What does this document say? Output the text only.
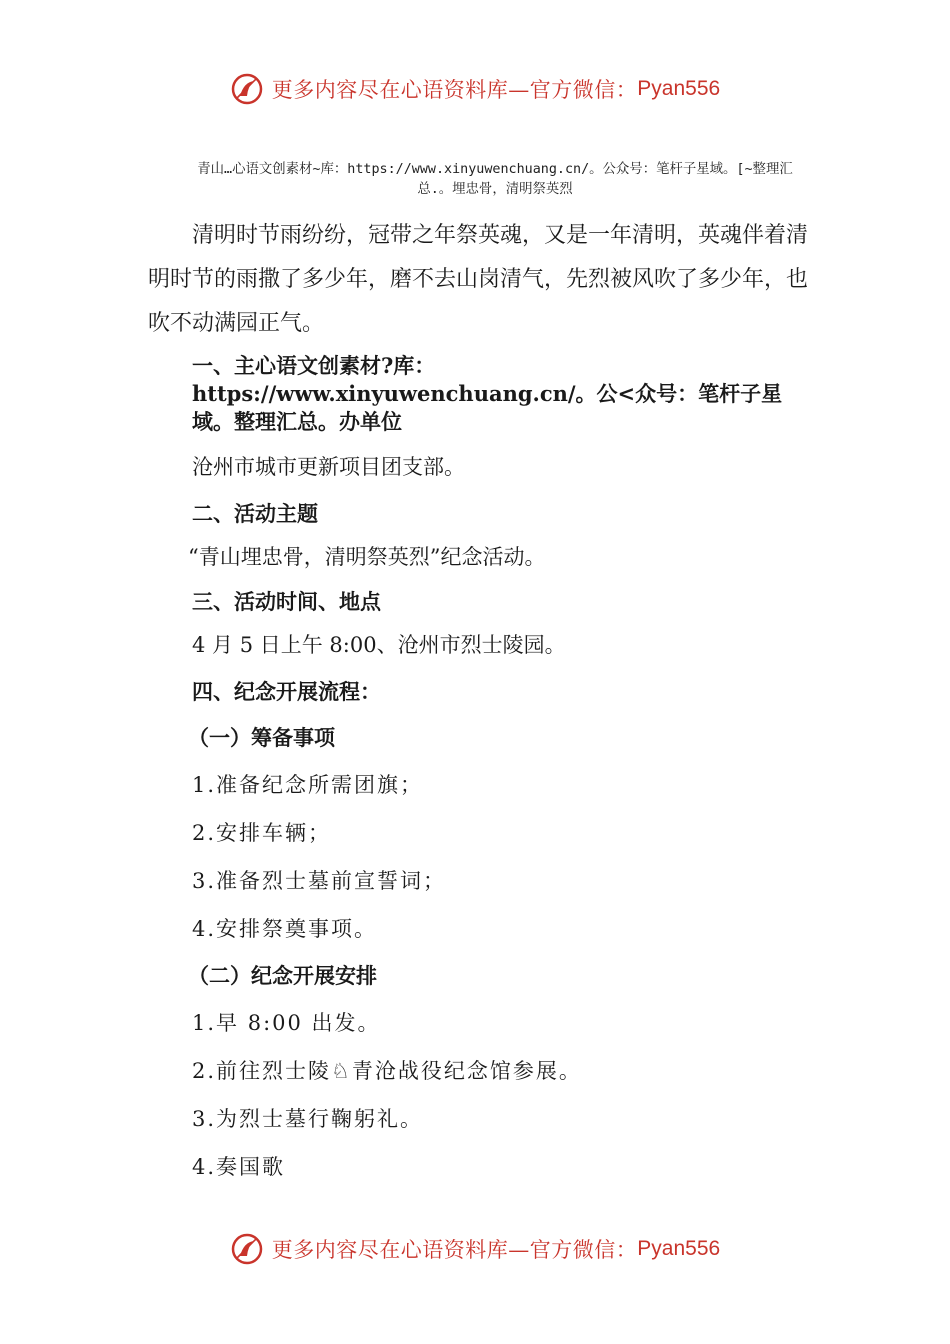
更多内容尽在心语资料库—官方微信： Pyan556
青山…心语文创素材~库：https://www.xinyuwenchuang.cn/。公众号：笔杆子星域。[~整理汇总.。埋忠骨，清明祭英烈
清明时节雨纷纷，冠带之年祭英魂，又是一年清明，英魂伴着清明时节的雨撒了多少年，磨不去山岗清气，先烈被风吹了多少年，也吹不动满园正气。
一、主心语文创素材?库：https://www.xinyuwenchuang.cn/。公<众号：笔杆子星域。整理汇总。办单位
沧州市城市更新项目团支部。
二、活动主题
“青山埋忠骨，清明祭英烈”纪念活动。
三、活动时间、地点
4 月 5 日上午 8:00、沧州市烈士陵园。
四、纪念开展流程：
（一）筹备事项
1.准备纪念所需团旗；
2.安排车辆；
3.准备烈士墓前宣誓词；
4.安排祭奠事项。
（二）纪念开展安排
1.早 8:00 出发。
2.前往烈士陵♘青沧战役纪念馆参展。
3.为烈士墓行鞠躬礼。
4.奏国歌
更多内容尽在心语资料库—官方微信： Pyan556
